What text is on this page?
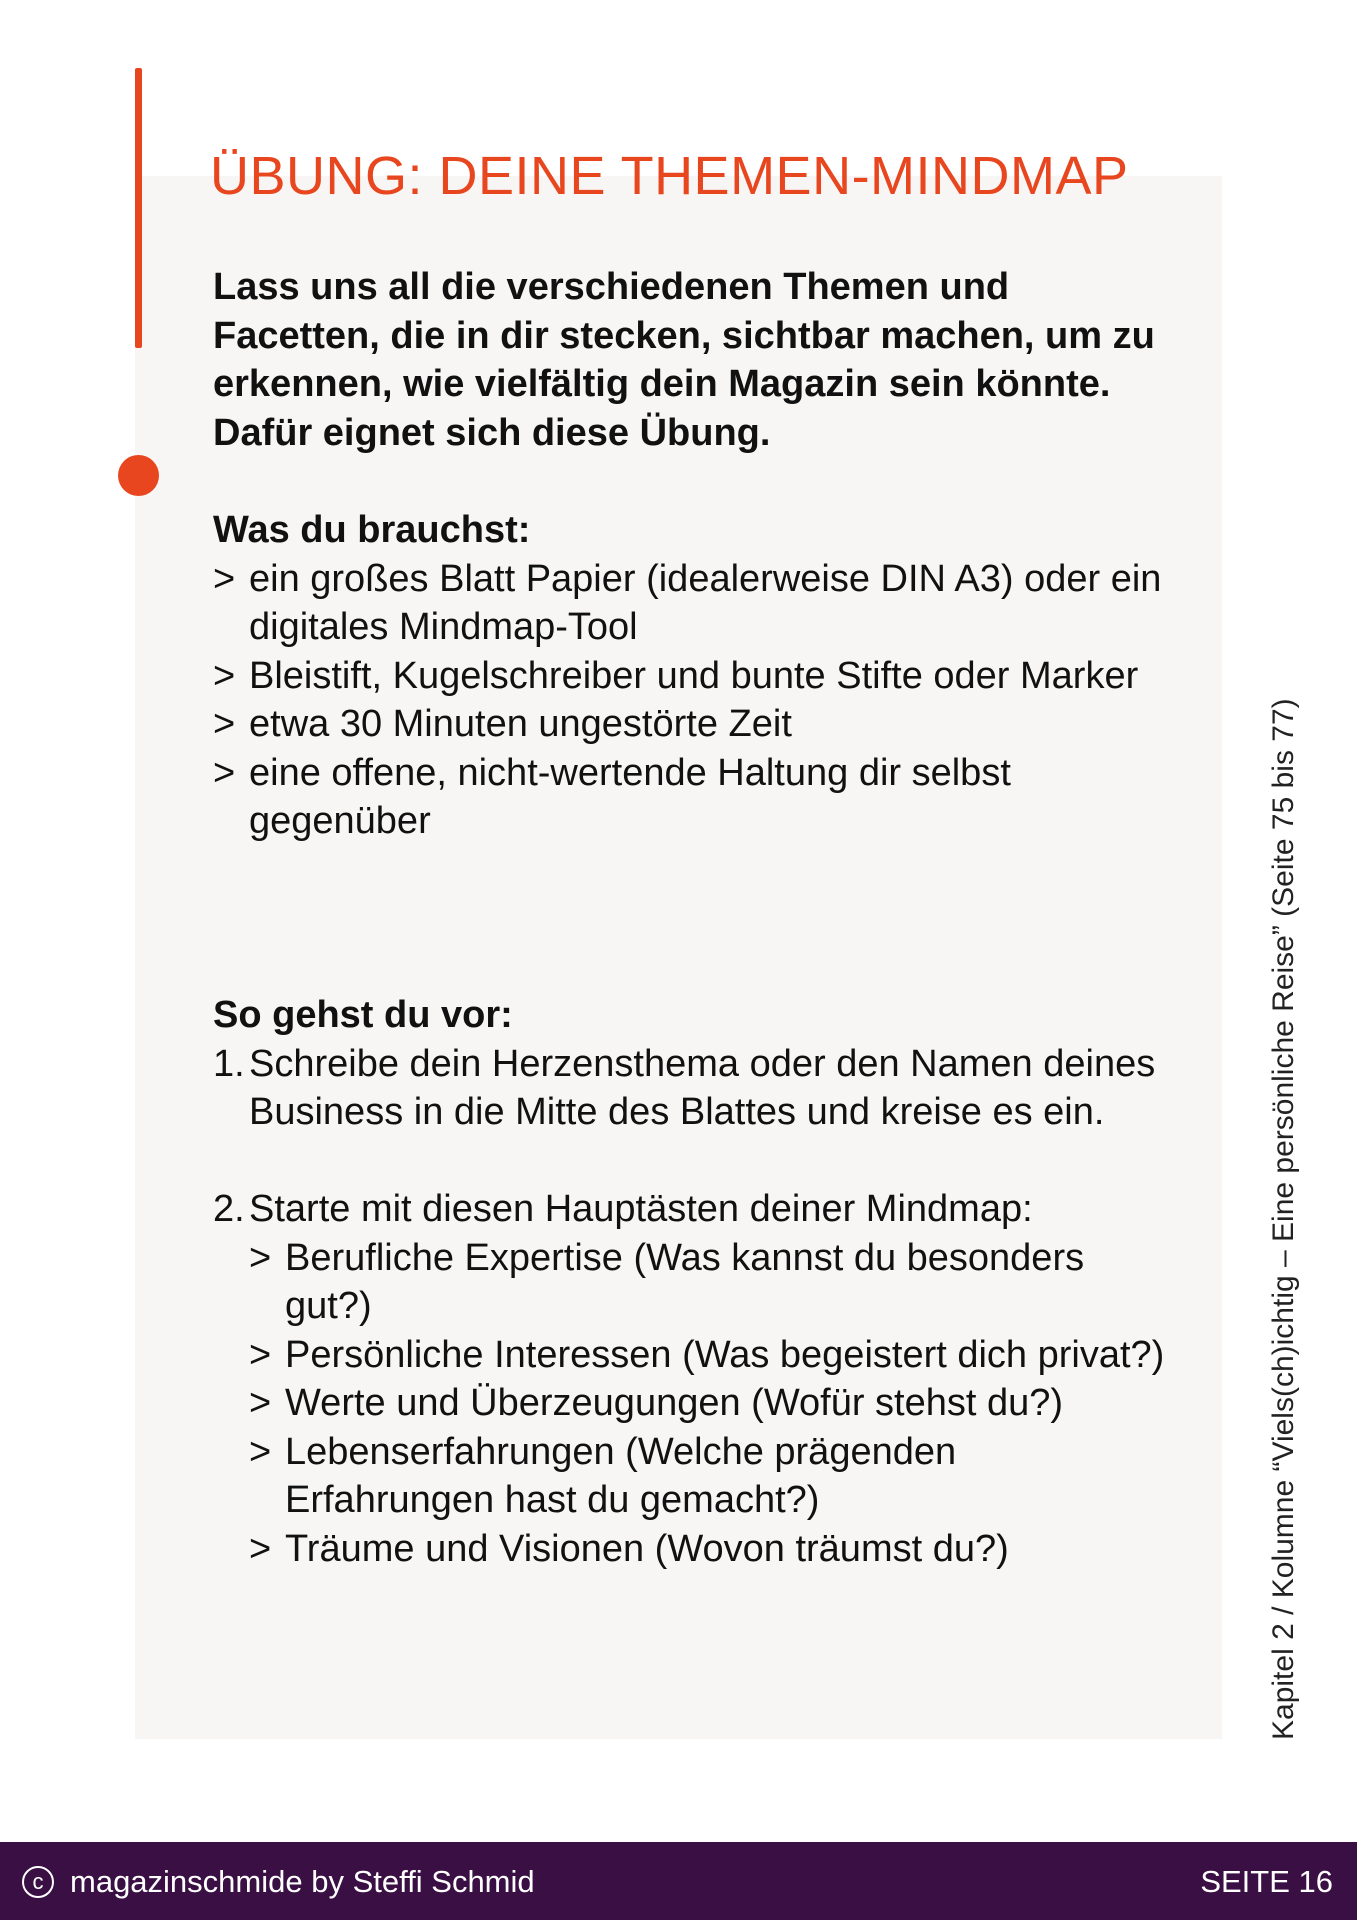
ÜBUNG: DEINE THEMEN-MINDMAP

Lass uns all die verschiedenen Themen und Facetten, die in dir stecken, sichtbar machen, um zu erkennen, wie vielfältig dein Magazin sein könnte. Dafür eignet sich diese Übung.

Was du brauchst:

> ein großes Blatt Papier (idealerweise DIN A3) oder ein digitales Mindmap-Tool
> Bleistift, Kugelschreiber und bunte Stifte oder Marker
> etwa 30 Minuten ungestörte Zeit
> eine offene, nicht-wertende Haltung dir selbst gegenüber

So gehst du vor:

1. Schreibe dein Herzensthema oder den Namen deines Business in die Mitte des Blattes und kreise es ein.
2. Starte mit diesen Hauptästen deiner Mindmap:
> Berufliche Expertise (Was kannst du besonders gut?)
> Persönliche Interessen (Was begeistert dich privat?)
> Werte und Überzeugungen (Wofür stehst du?)
> Lebenserfahrungen (Welche prägenden Erfahrungen hast du gemacht?)
> Träume und Visionen (Wovon träumst du?)	Kapitel 2 / Kolumne “Viels(ch)ichtig – Eine persönliche Reise” (Seite 75 bis 77)
c magazinschmide by Steffi Schmid	SEITE 16
